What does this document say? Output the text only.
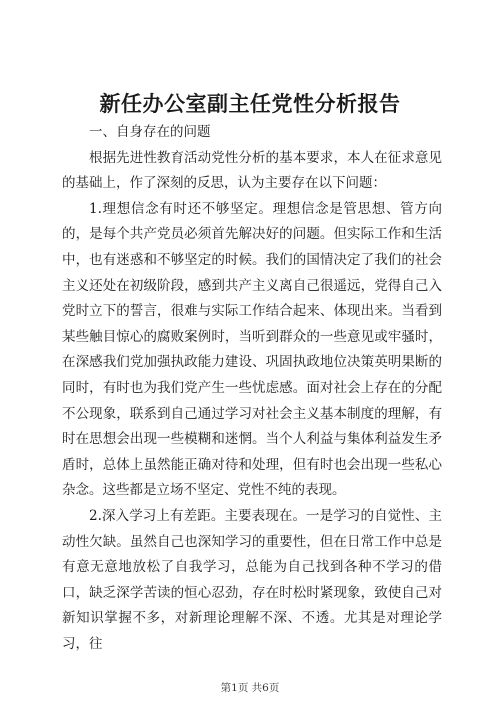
新任办公室副主任党性分析报告

一、自身存在的问题

根据先进性教育活动党性分析的基本要求，本人在征求意见的基础上，作了深刻的反思，认为主要存在以下问题：

1.理想信念有时还不够坚定。理想信念是管思想、管方向的，是每个共产党员必须首先解决好的问题。但实际工作和生活中，也有迷惑和不够坚定的时候。我们的国情决定了我们的社会主义还处在初级阶段，感到共产主义离自己很遥远，党得自己入党时立下的誓言，很难与实际工作结合起来、体现出来。当看到某些触目惊心的腐败案例时，当听到群众的一些意见或牢骚时，在深感我们党加强执政能力建设、巩固执政地位决策英明果断的同时，有时也为我们党产生一些忧虑感。面对社会上存在的分配不公现象，联系到自己通过学习对社会主义基本制度的理解，有时在思想会出现一些模糊和迷惘。当个人利益与集体利益发生矛盾时，总体上虽然能正确对待和处理，但有时也会出现一些私心杂念。这些都是立场不坚定、党性不纯的表现。

2.深入学习上有差距。主要表现在。一是学习的自觉性、主动性欠缺。虽然自己也深知学习的重要性，但在日常工作中总是有意无意地放松了自我学习，总能为自己找到各种不学习的借口，缺乏深学苦读的恒心忍劲，存在时松时紧现象，致使自己对新知识掌握不多，对新理论理解不深、不透。尤其是对理论学习，往

第1页 共6页
